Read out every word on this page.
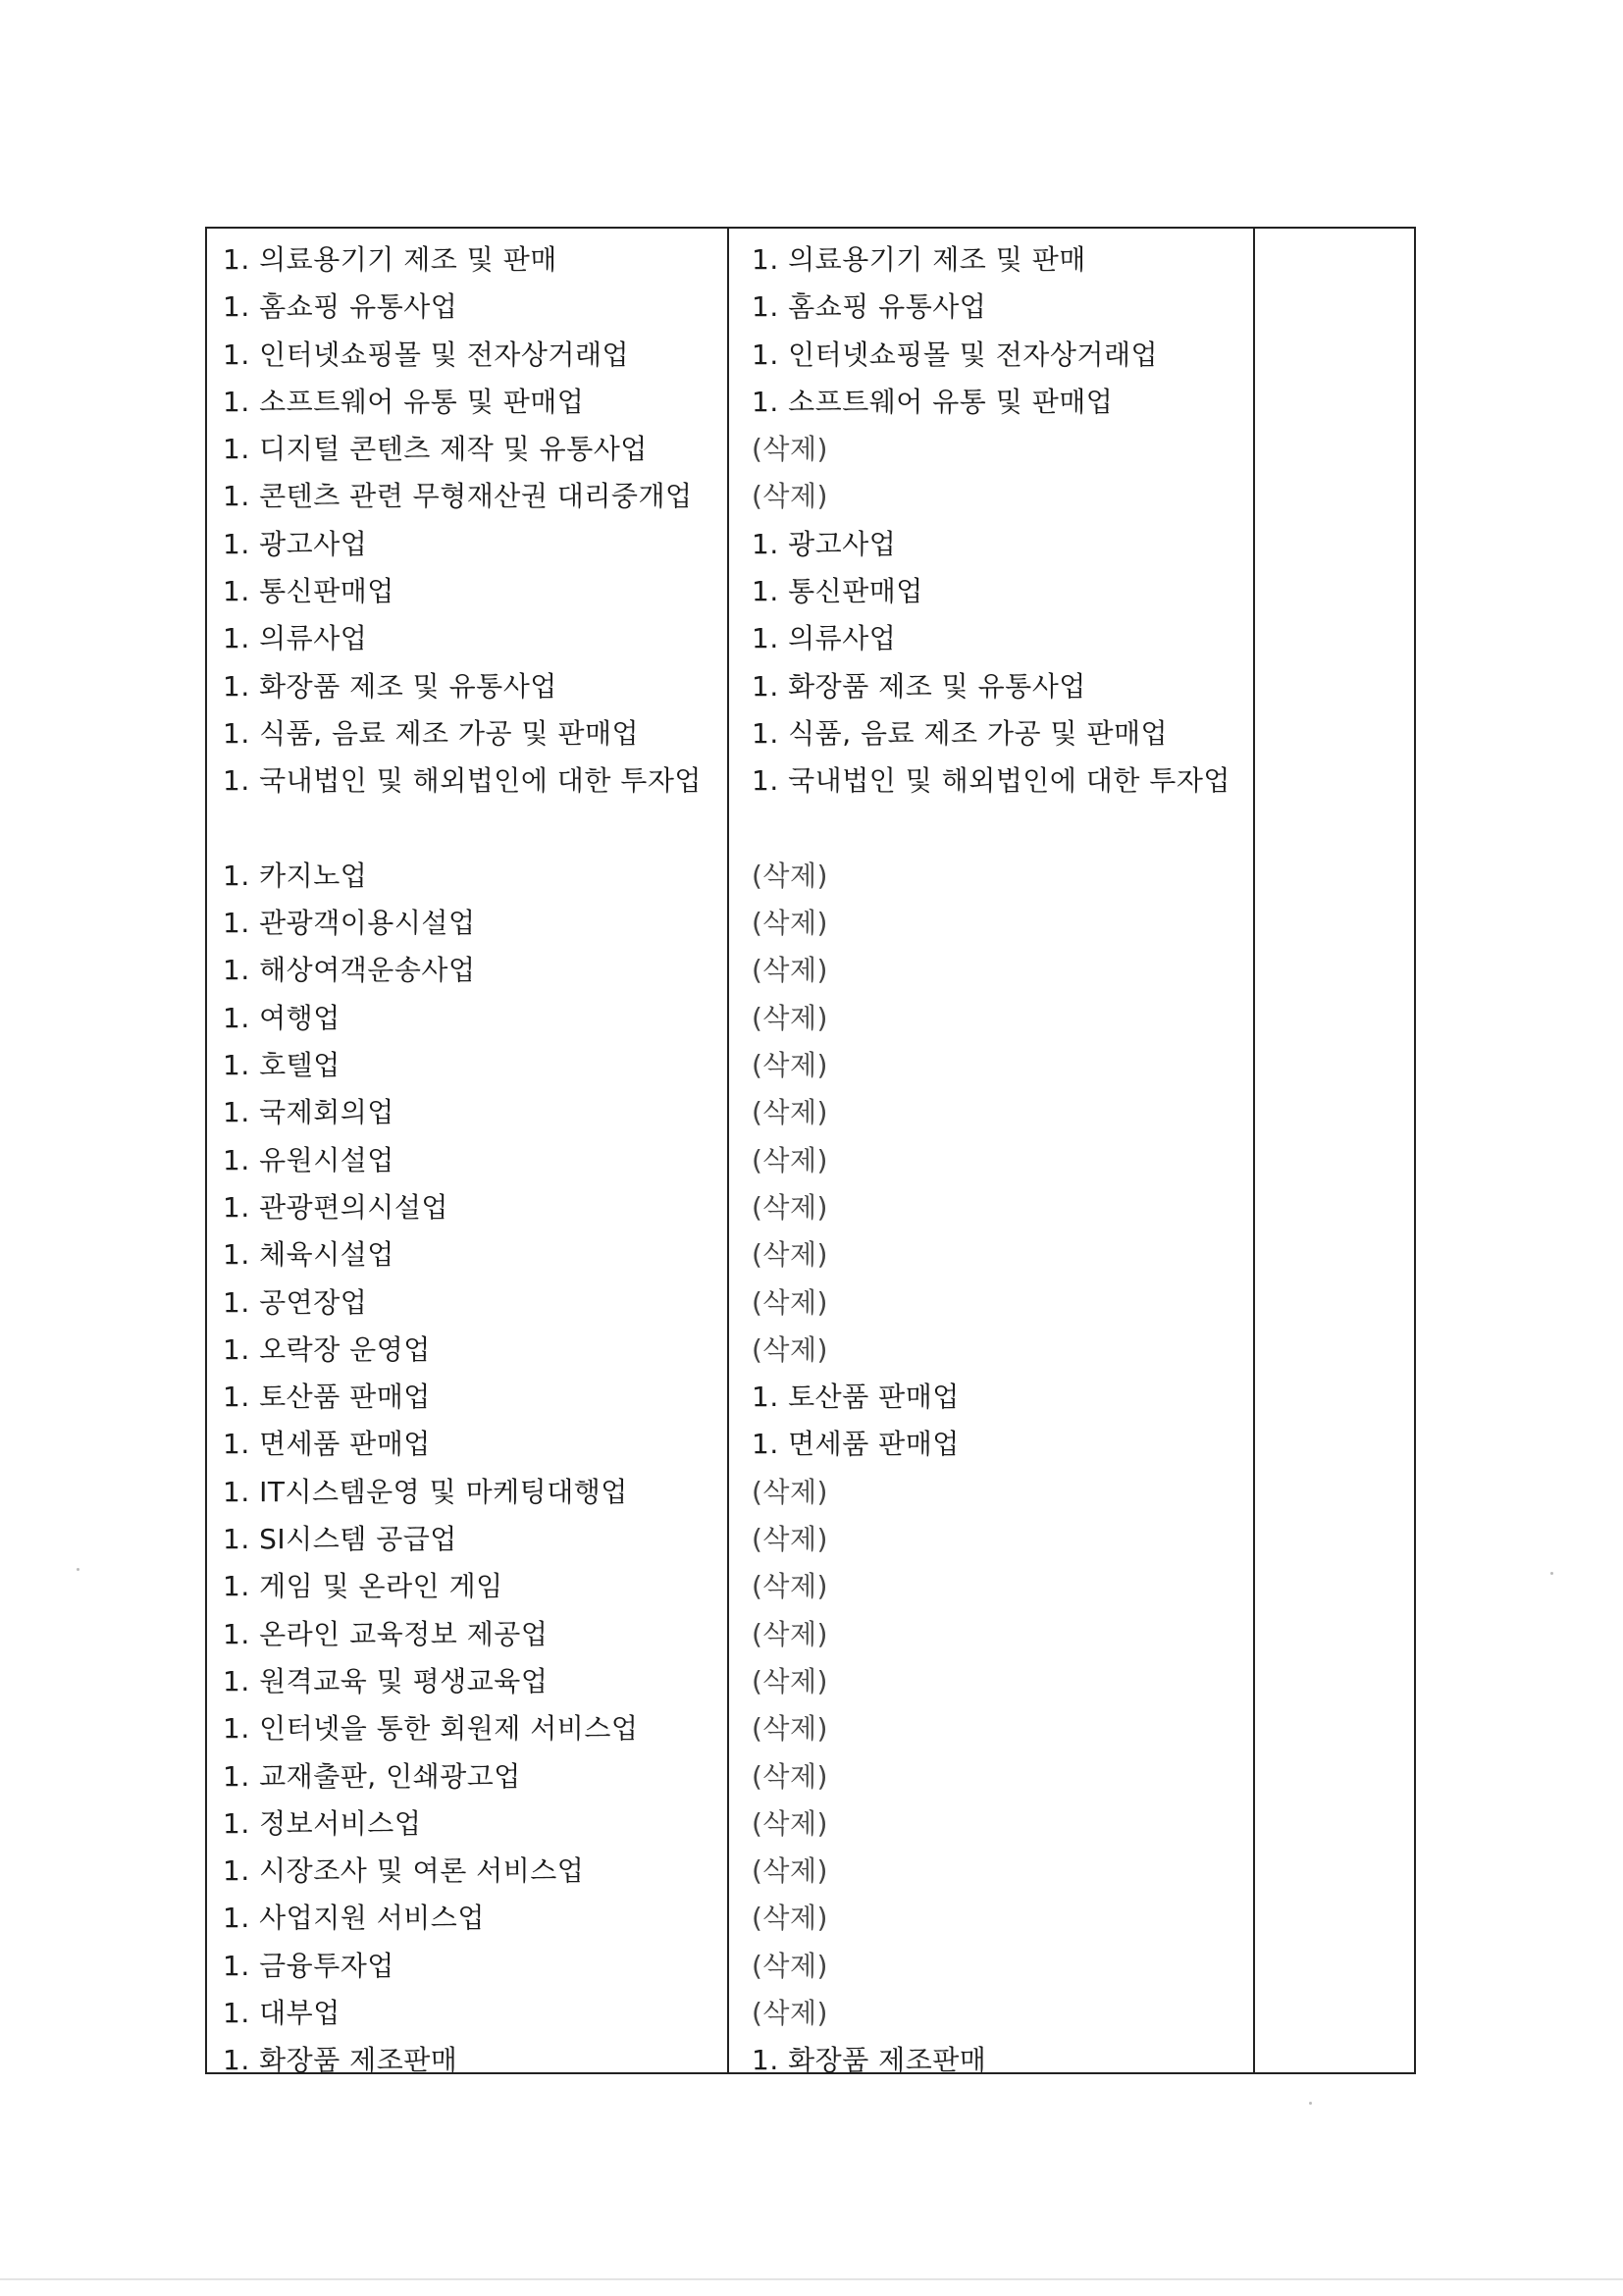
1. 의료용기기 제조 및 판매
1. 홈쇼핑 유통사업
1. 인터넷쇼핑몰 및 전자상거래업
1. 소프트웨어 유통 및 판매업
1. 디지털 콘텐츠 제작 및 유통사업
1. 콘텐츠 관련 무형재산권 대리중개업
1. 광고사업
1. 통신판매업
1. 의류사업
1. 화장품 제조 및 유통사업
1. 식품, 음료 제조 가공 및 판매업
1. 국내법인 및 해외법인에 대한 투자업
1. 카지노업
1. 관광객이용시설업
1. 해상여객운송사업
1. 여행업
1. 호텔업
1. 국제회의업
1. 유원시설업
1. 관광편의시설업
1. 체육시설업
1. 공연장업
1. 오락장 운영업
1. 토산품 판매업
1. 면세품 판매업
1. IT시스템운영 및 마케팅대행업
1. SI시스템 공급업
1. 게임 및 온라인 게임
1. 온라인 교육정보 제공업
1. 원격교육 및 평생교육업
1. 인터넷을 통한 회원제 서비스업
1. 교재출판, 인쇄광고업
1. 정보서비스업
1. 시장조사 및 여론 서비스업
1. 사업지원 서비스업
1. 금융투자업
1. 대부업
1. 화장품 제조판매
1. 의료용기기 제조 및 판매
1. 홈쇼핑 유통사업
1. 인터넷쇼핑몰 및 전자상거래업
1. 소프트웨어 유통 및 판매업
(삭제)
(삭제)
1. 광고사업
1. 통신판매업
1. 의류사업
1. 화장품 제조 및 유통사업
1. 식품, 음료 제조 가공 및 판매업
1. 국내법인 및 해외법인에 대한 투자업
(삭제)
(삭제)
(삭제)
(삭제)
(삭제)
(삭제)
(삭제)
(삭제)
(삭제)
(삭제)
(삭제)
1. 토산품 판매업
1. 면세품 판매업
(삭제)
(삭제)
(삭제)
(삭제)
(삭제)
(삭제)
(삭제)
(삭제)
(삭제)
(삭제)
(삭제)
(삭제)
1. 화장품 제조판매
